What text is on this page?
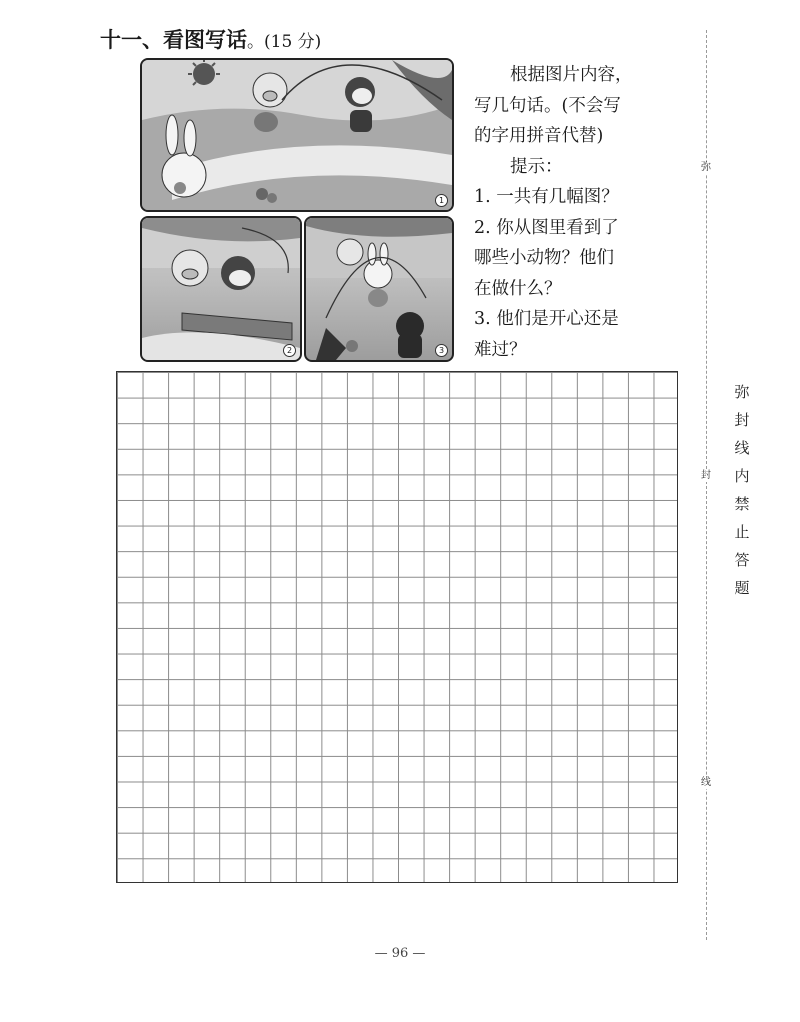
十一、看图写话。(15 分)
1
2	3
根据图片内容，
写几句话。(不会写
的字用拼音代替)
提示：
1. 一共有几幅图？
2. 你从图里看到了
哪些小动物？他们
在做什么？
3. 他们是开心还是
难过？
弥
封
线
弥封线内禁止答题
— 96 —
